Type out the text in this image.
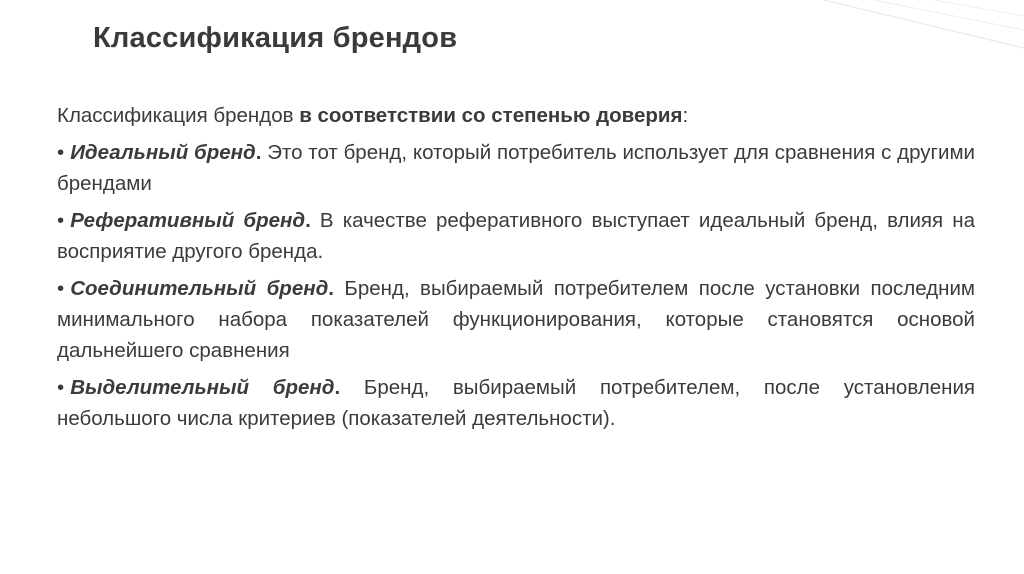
Классификация брендов

Классификация брендов в соответствии со степенью доверия:

• Идеальный бренд. Это тот бренд, который потребитель использует для сравнения с другими брендами
• Реферативный бренд. В качестве реферативного выступает идеальный бренд, влияя на восприятие другого бренда.
• Соединительный бренд. Бренд, выбираемый потребителем после установки последним минимального набора показателей функционирования, которые становятся основой дальнейшего сравнения
• Выделительный бренд. Бренд, выбираемый потребителем, после установления небольшого числа критериев (показателей деятельности).
